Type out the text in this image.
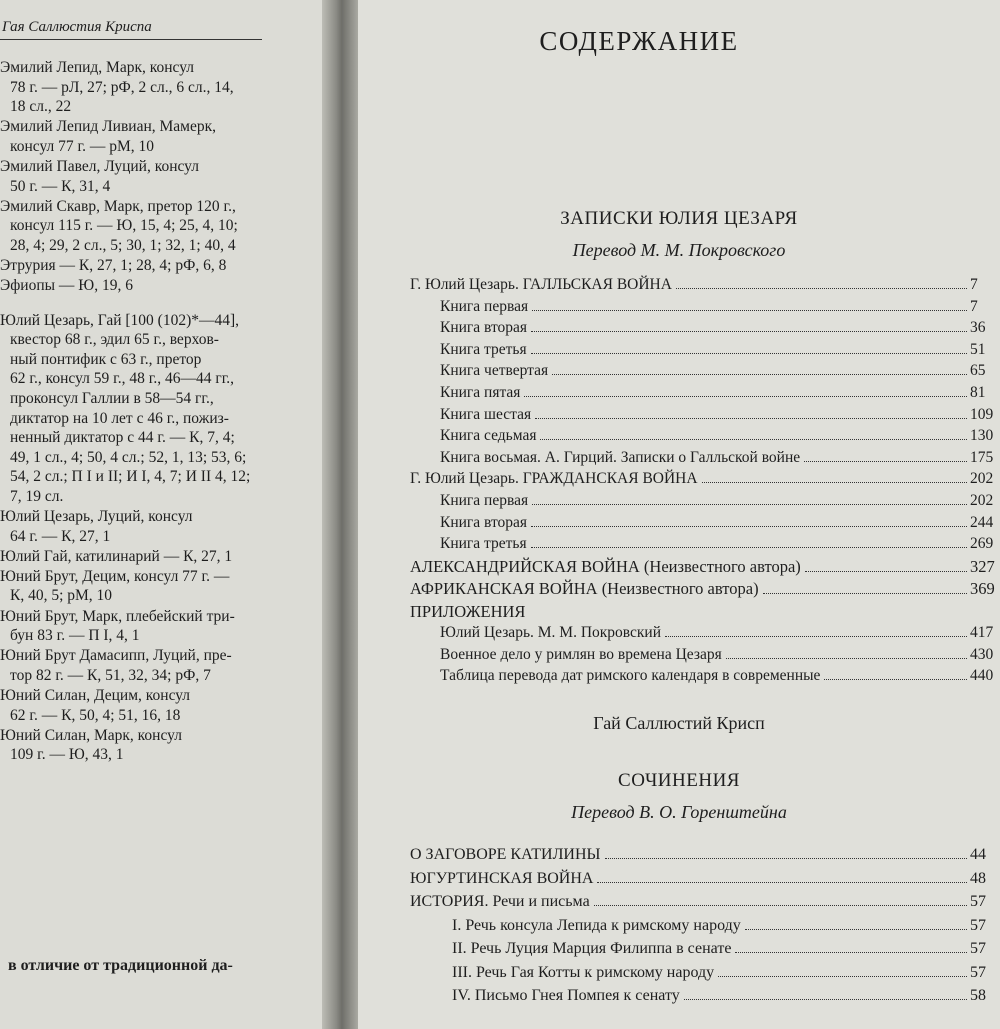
Гая Саллюстия Криспа
Эмилий Лепид, Марк, консул
78 г. — рЛ, 27; рФ, 2 сл., 6 сл., 14,
18 сл., 22
Эмилий Лепид Ливиан, Мамерк,
консул 77 г. — рМ, 10
Эмилий Павел, Луций, консул
50 г. — К, 31, 4
Эмилий Скавр, Марк, претор 120 г.,
консул 115 г. — Ю, 15, 4; 25, 4, 10;
28, 4; 29, 2 сл., 5; 30, 1; 32, 1; 40, 4
Этрурия — К, 27, 1; 28, 4; рФ, 6, 8
Эфиопы — Ю, 19, 6
Юлий Цезарь, Гай [100 (102)*—44],
квестор 68 г., эдил 65 г., верхов-
ный понтифик с 63 г., претор
62 г., консул 59 г., 48 г., 46—44 гг.,
проконсул Галлии в 58—54 гг.,
диктатор на 10 лет с 46 г., пожиз-
ненный диктатор с 44 г. — К, 7, 4;
49, 1 сл., 4; 50, 4 сл.; 52, 1, 13; 53, 6;
54, 2 сл.; П I и II; И I, 4, 7; И II 4, 12;
7, 19 сл.
Юлий Цезарь, Луций, консул
64 г. — К, 27, 1
Юлий Гай, катилинарий — К, 27, 1
Юний Брут, Децим, консул 77 г. —
К, 40, 5; рМ, 10
Юний Брут, Марк, плебейский три-
бун 83 г. — П I, 4, 1
Юний Брут Дамасипп, Луций, пре-
тор 82 г. — К, 51, 32, 34; рФ, 7
Юний Силан, Децим, консул
62 г. — К, 50, 4; 51, 16, 18
Юний Силан, Марк, консул
109 г. — Ю, 43, 1
в отличие от традиционной да-
СОДЕРЖАНИЕ
ЗАПИСКИ ЮЛИЯ ЦЕЗАРЯ
Перевод М. М. Покровского
Г. Юлий Цезарь. ГАЛЛЬСКАЯ ВОЙНА	7
Книга первая	7
Книга вторая	36
Книга третья	51
Книга четвертая	65
Книга пятая	81
Книга шестая	109
Книга седьмая	130
Книга восьмая. А. Гирций. Записки о Галльской войне	175
Г. Юлий Цезарь. ГРАЖДАНСКАЯ ВОЙНА	202
Книга первая	202
Книга вторая	244
Книга третья	269
АЛЕКСАНДРИЙСКАЯ ВОЙНА (Неизвестного автора)	327
АФРИКАНСКАЯ ВОЙНА (Неизвестного автора)	369
ПРИЛОЖЕНИЯ
Юлий Цезарь. М. М. Покровский	417
Военное дело у римлян во времена Цезаря	430
Таблица перевода дат римского календаря в современные	440
Гай Саллюстий Крисп
СОЧИНЕНИЯ
Перевод В. О. Горенштейна
О ЗАГОВОРЕ КАТИЛИНЫ	44
ЮГУРТИНСКАЯ ВОЙНА	48
ИСТОРИЯ. Речи и письма	57
I. Речь консула Лепида к римскому народу	57
II. Речь Луция Марция Филиппа в сенате	57
III. Речь Гая Котты к римскому народу	57
IV. Письмо Гнея Помпея к сенату	58
